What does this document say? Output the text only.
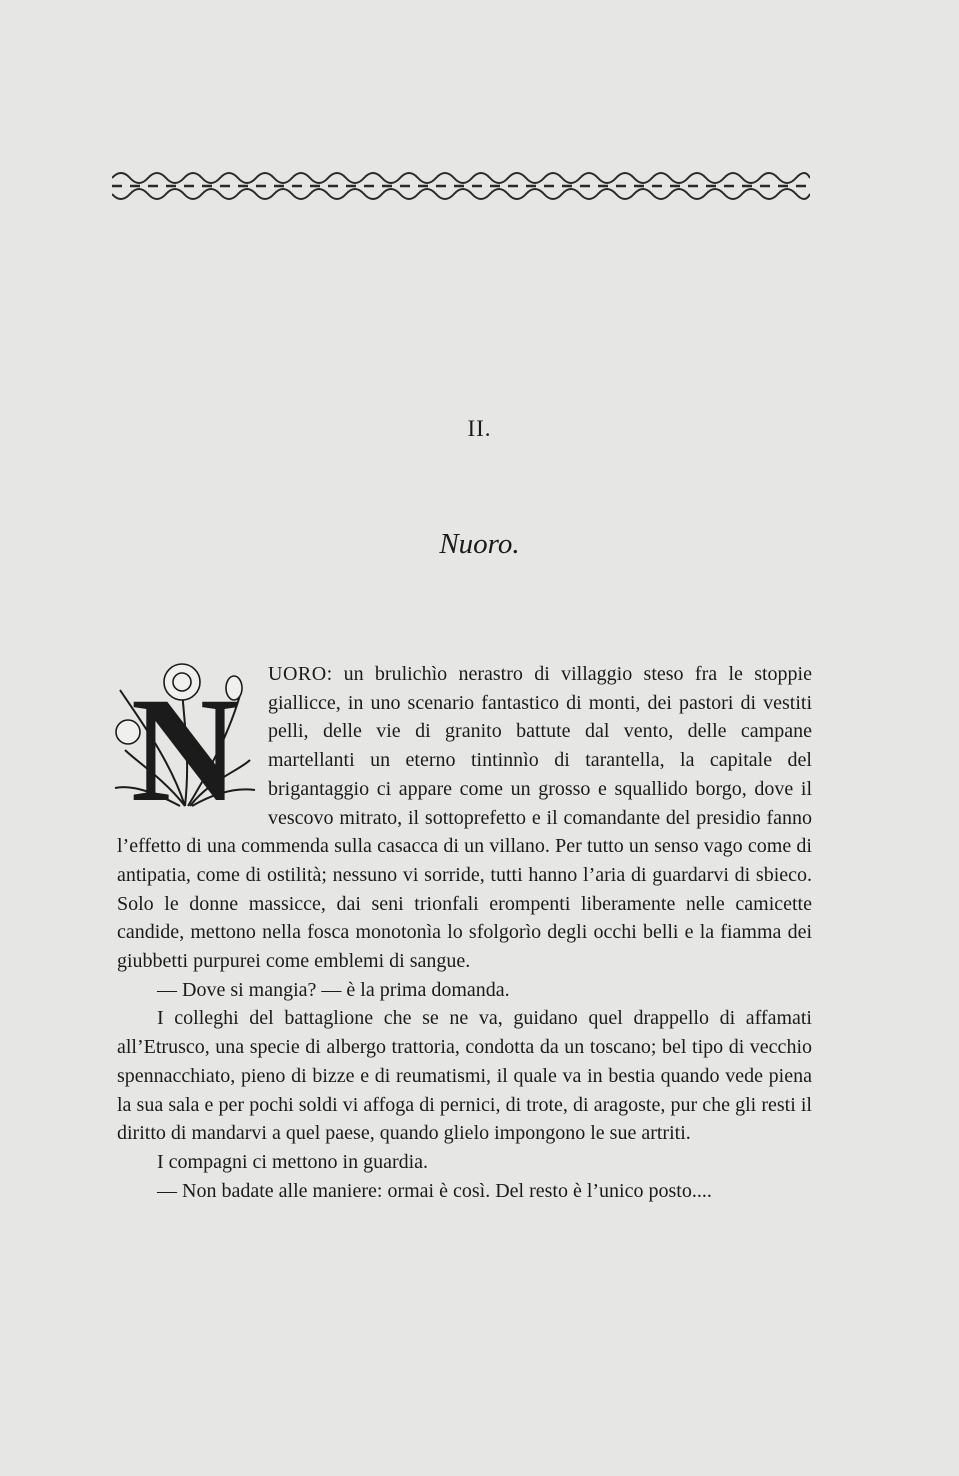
II.
Nuoro.
N	UORO: un brulichìo nerastro di villaggio steso fra le stoppie giallicce, in uno scenario fantastico di monti, dei pastori di vestiti pelli, delle vie di granito battute dal vento, delle campane martellanti un eterno tintinnìo di tarantella, la capitale del brigantaggio ci appare come un grosso e squallido borgo, dove il vescovo mitrato, il sottoprefetto e il comandante del presidio fanno l’effetto di una commenda sulla casacca di un villano. Per tutto un senso vago come di antipatia, come di ostilità; nessuno vi sorride, tutti hanno l’aria di guardarvi di sbieco. Solo le donne massicce, dai seni trionfali erompenti liberamente nelle camicette candide, mettono nella fosca monotonìa lo sfolgorìo degli occhi belli e la fiamma dei giubbetti purpurei come emblemi di sangue.

— Dove si mangia? — è la prima domanda.

I colleghi del battaglione che se ne va, guidano quel drappello di affamati all’Etrusco, una specie di albergo trattoria, condotta da un toscano; bel tipo di vecchio spennacchiato, pieno di bizze e di reumatismi, il quale va in bestia quando vede piena la sua sala e per pochi soldi vi affoga di pernici, di trote, di aragoste, pur che gli resti il diritto di mandarvi a quel paese, quando glielo impongono le sue artriti.

I compagni ci mettono in guardia.

— Non badate alle maniere: ormai è così. Del resto è l’unico posto....
